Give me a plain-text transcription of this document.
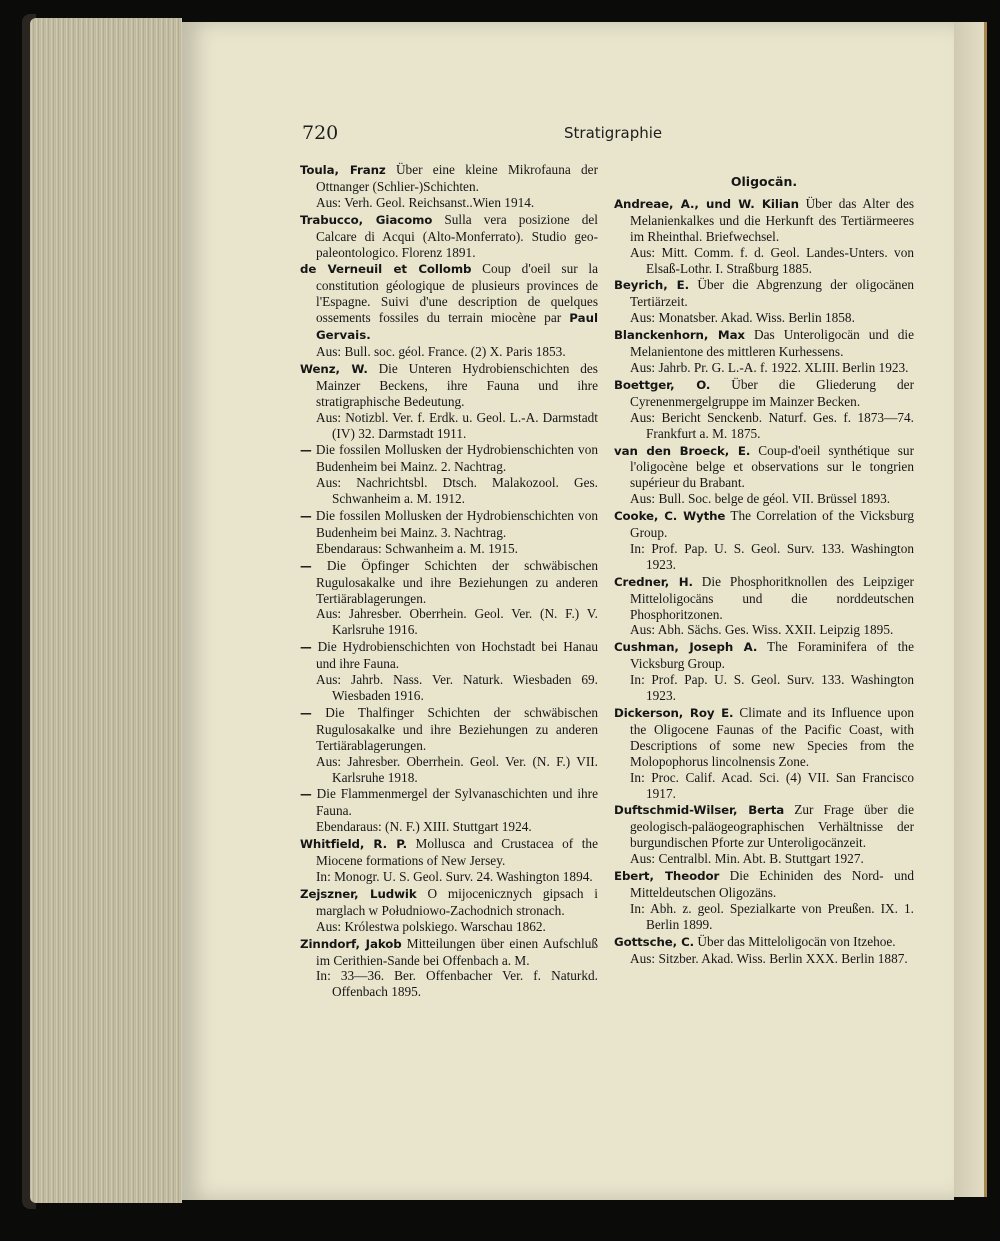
720	Stratigraphie
Toula, Franz Über eine kleine Mikrofauna der Ottnanger (Schlier-)Schichten.
Aus: Verh. Geol. Reichsanst..Wien 1914.
Trabucco, Giacomo Sulla vera posizione del Calcare di Acqui (Alto-Monferrato). Studio geo-paleontologico. Florenz 1891.
de Verneuil et Collomb Coup d'oeil sur la constitution géologique de plusieurs provinces de l'Espagne. Suivi d'une description de quelques ossements fossiles du terrain miocène par Paul Gervais.
Aus: Bull. soc. géol. France. (2) X. Paris 1853.
Wenz, W. Die Unteren Hydrobienschichten des Mainzer Beckens, ihre Fauna und ihre stratigraphische Bedeutung.
Aus: Notizbl. Ver. f. Erdk. u. Geol. L.-A. Darmstadt (IV) 32. Darmstadt 1911.
— Die fossilen Mollusken der Hydrobienschichten von Budenheim bei Mainz. 2. Nachtrag.
Aus: Nachrichtsbl. Dtsch. Malakozool. Ges. Schwanheim a. M. 1912.
— Die fossilen Mollusken der Hydrobienschichten von Budenheim bei Mainz. 3. Nachtrag.
Ebendaraus: Schwanheim a. M. 1915.
— Die Öpfinger Schichten der schwäbischen Rugulosakalke und ihre Beziehungen zu anderen Tertiärablagerungen.
Aus: Jahresber. Oberrhein. Geol. Ver. (N. F.) V. Karlsruhe 1916.
— Die Hydrobienschichten von Hochstadt bei Hanau und ihre Fauna.
Aus: Jahrb. Nass. Ver. Naturk. Wiesbaden 69. Wiesbaden 1916.
— Die Thalfinger Schichten der schwäbischen Rugulosakalke und ihre Beziehungen zu anderen Tertiärablagerungen.
Aus: Jahresber. Oberrhein. Geol. Ver. (N. F.) VII. Karlsruhe 1918.
— Die Flammenmergel der Sylvanaschichten und ihre Fauna.
Ebendaraus: (N. F.) XIII. Stuttgart 1924.
Whitfield, R. P. Mollusca and Crustacea of the Miocene formations of New Jersey.
In: Monogr. U. S. Geol. Surv. 24. Washington 1894.
Zejszner, Ludwik O mijocenicznych gipsach i marglach w Południowo-Zachodnich stronach.
Aus: Królestwa polskiego. Warschau 1862.
Zinndorf, Jakob Mitteilungen über einen Aufschluß im Cerithien-Sande bei Offenbach a. M.
In: 33—36. Ber. Offenbacher Ver. f. Naturkd. Offenbach 1895.
Oligocän.
Andreae, A., und W. Kilian Über das Alter des Melanienkalkes und die Herkunft des Tertiärmeeres im Rheinthal. Briefwechsel.
Aus: Mitt. Comm. f. d. Geol. Landes-Unters. von Elsaß-Lothr. I. Straßburg 1885.
Beyrich, E. Über die Abgrenzung der oligocänen Tertiärzeit.
Aus: Monatsber. Akad. Wiss. Berlin 1858.
Blanckenhorn, Max Das Unteroligocän und die Melanientone des mittleren Kurhessens.
Aus: Jahrb. Pr. G. L.-A. f. 1922. XLIII. Berlin 1923.
Boettger, O. Über die Gliederung der Cyrenenmergelgruppe im Mainzer Becken.
Aus: Bericht Senckenb. Naturf. Ges. f. 1873—74. Frankfurt a. M. 1875.
van den Broeck, E. Coup-d'oeil synthétique sur l'oligocène belge et observations sur le tongrien supérieur du Brabant.
Aus: Bull. Soc. belge de géol. VII. Brüssel 1893.
Cooke, C. Wythe The Correlation of the Vicksburg Group.
In: Prof. Pap. U. S. Geol. Surv. 133. Washington 1923.
Credner, H. Die Phosphoritknollen des Leipziger Mitteloligocäns und die norddeutschen Phosphoritzonen.
Aus: Abh. Sächs. Ges. Wiss. XXII. Leipzig 1895.
Cushman, Joseph A. The Foraminifera of the Vicksburg Group.
In: Prof. Pap. U. S. Geol. Surv. 133. Washington 1923.
Dickerson, Roy E. Climate and its Influence upon the Oligocene Faunas of the Pacific Coast, with Descriptions of some new Species from the Molopophorus lincolnensis Zone.
In: Proc. Calif. Acad. Sci. (4) VII. San Francisco 1917.
Duftschmid-Wilser, Berta Zur Frage über die geologisch-paläogeographischen Verhältnisse der burgundischen Pforte zur Unteroligocänzeit.
Aus: Centralbl. Min. Abt. B. Stuttgart 1927.
Ebert, Theodor Die Echiniden des Nord- und Mitteldeutschen Oligozäns.
In: Abh. z. geol. Spezialkarte von Preußen. IX. 1. Berlin 1899.
Gottsche, C. Über das Mitteloligocän von Itzehoe.
Aus: Sitzber. Akad. Wiss. Berlin XXX. Berlin 1887.
